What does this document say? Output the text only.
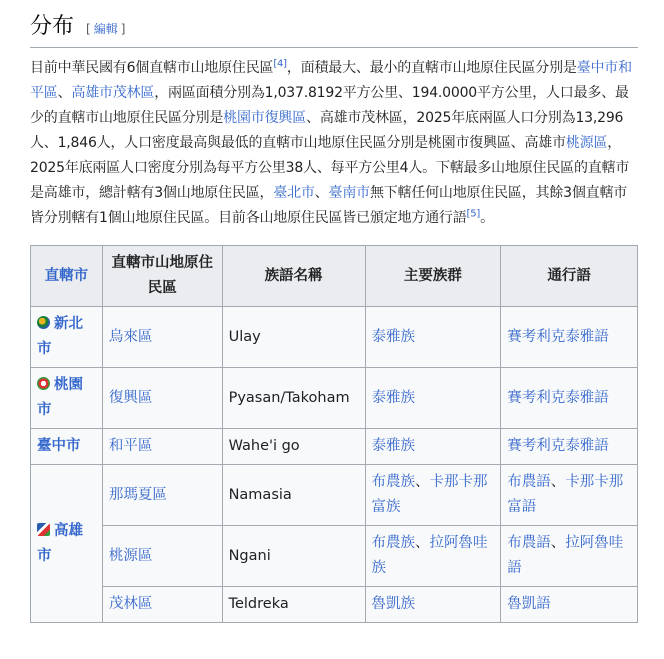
分布 [ 編輯 ]

目前中華民國有6個直轄市山地原住民區[4]，面積最大、最小的直轄市山地原住民區分別是臺中市和平區、高雄市茂林區，兩區面積分別為1,037.8192平方公里、194.0000平方公里，人口最多、最少的直轄市山地原住民區分別是桃園市復興區、高雄市茂林區，2025年底兩區人口分別為13,296人、1,846人，人口密度最高與最低的直轄市山地原住民區分別是桃園市復興區、高雄市桃源區，2025年底兩區人口密度分別為每平方公里38人、每平方公里4人。下轄最多山地原住民區的直轄市是高雄市，總計轄有3個山地原住民區，臺北市、臺南市無下轄任何山地原住民區，其餘3個直轄市皆分別轄有1個山地原住民區。目前各山地原住民區皆已頒定地方通行語[5]。

直轄市	直轄市山地原住民區	族語名稱	主要族群	通行語
新北市	烏來區	Ulay	泰雅族	賽考利克泰雅語
桃園市	復興區	Pyasan/Takoham	泰雅族	賽考利克泰雅語
臺中市	和平區	Wahe'i go	泰雅族	賽考利克泰雅語
高雄市	那瑪夏區	Namasia	布農族、卡那卡那富族	布農語、卡那卡那富語
	桃源區	Ngani	布農族、拉阿魯哇族	布農語、拉阿魯哇語
	茂林區	Teldreka	魯凱族	魯凱語
